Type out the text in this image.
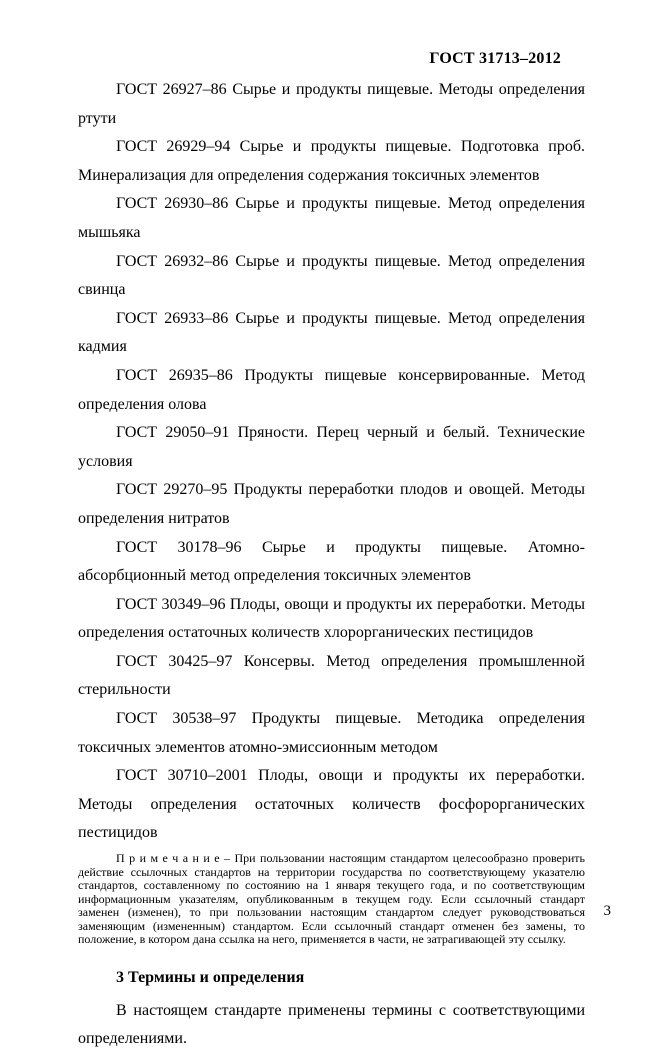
ГОСТ 31713–2012

ГОСТ 26927–86 Сырье и продукты пищевые. Методы определения ртути

ГОСТ 26929–94 Сырье и продукты пищевые. Подготовка проб. Минерализация для определения содержания токсичных элементов

ГОСТ 26930–86 Сырье и продукты пищевые. Метод определения мышьяка

ГОСТ 26932–86 Сырье и продукты пищевые. Метод определения свинца

ГОСТ 26933–86 Сырье и продукты пищевые. Метод определения кадмия

ГОСТ 26935–86 Продукты пищевые консервированные. Метод определения олова

ГОСТ 29050–91 Пряности. Перец черный и белый. Технические условия

ГОСТ 29270–95 Продукты переработки плодов и овощей. Методы определения нитратов

ГОСТ 30178–96 Сырье и продукты пищевые. Атомно-абсорбционный метод определения токсичных элементов

ГОСТ 30349–96 Плоды, овощи и продукты их переработки. Методы определения остаточных количеств хлорорганических пестицидов

ГОСТ 30425–97 Консервы. Метод определения промышленной стерильности

ГОСТ 30538–97 Продукты пищевые. Методика определения токсичных элементов атомно-эмиссионным методом

ГОСТ 30710–2001 Плоды, овощи и продукты их переработки. Методы определения остаточных количеств фосфорорганических пестицидов

П р и м е ч а н и е – При пользовании настоящим стандартом целесообразно проверить действие ссылочных стандартов на территории государства по соответствующему указателю стандартов, составленному по состоянию на 1 января текущего года, и по соответствующим информационным указателям, опубликованным в текущем году. Если ссылочный стандарт заменен (изменен), то при пользовании настоящим стандартом следует руководствоваться заменяющим (измененным) стандартом. Если ссылочный стандарт отменен без замены, то положение, в котором дана ссылка на него, применяется в части, не затрагивающей эту ссылку.

3 Термины и определения

В настоящем стандарте применены термины с соответствующими определениями.

3
